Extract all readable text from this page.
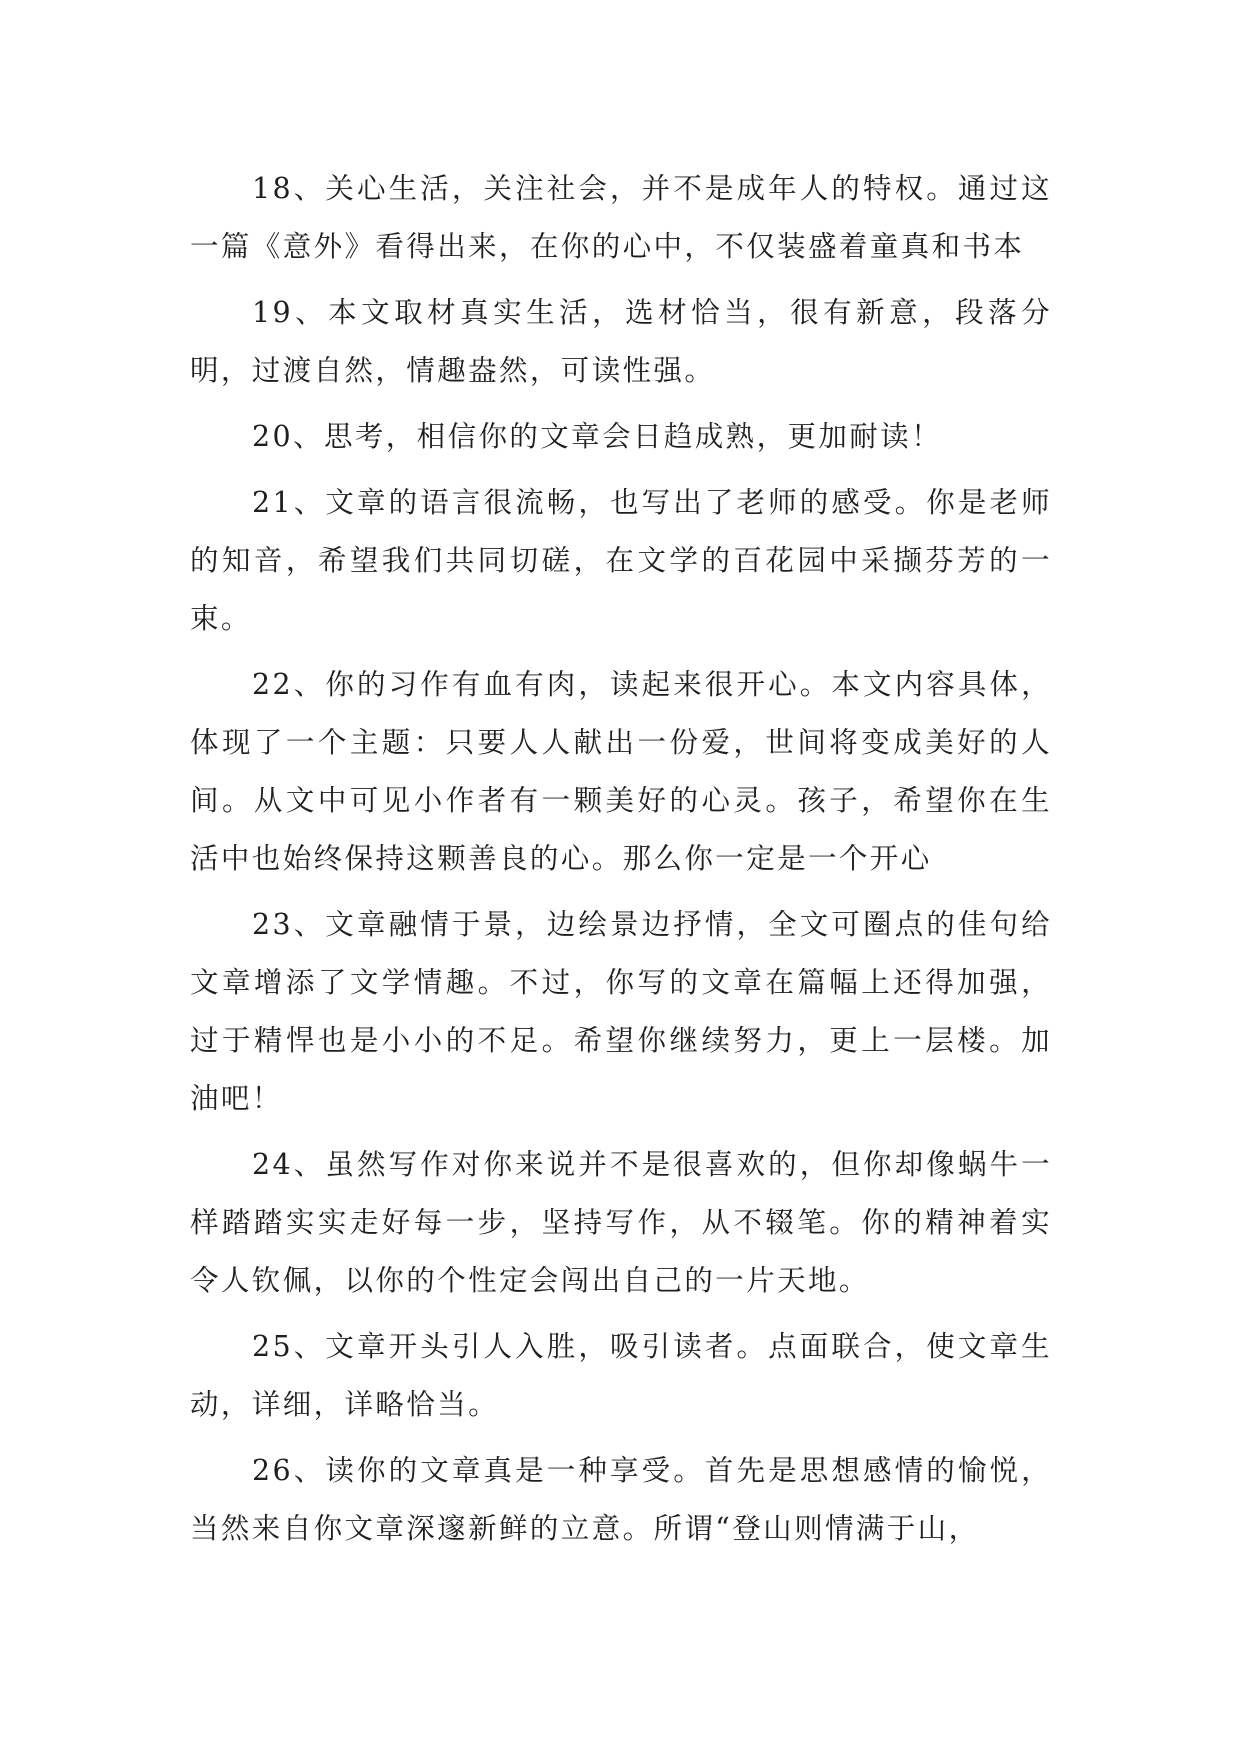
18、关心生活，关注社会，并不是成年人的特权。通过这一篇《意外》看得出来，在你的心中，不仅装盛着童真和书本

19、本文取材真实生活，选材恰当，很有新意，段落分明，过渡自然，情趣盎然，可读性强。

20、思考，相信你的文章会日趋成熟，更加耐读！

21、文章的语言很流畅，也写出了老师的感受。你是老师的知音，希望我们共同切磋，在文学的百花园中采撷芬芳的一束。

22、你的习作有血有肉，读起来很开心。本文内容具体，体现了一个主题：只要人人献出一份爱，世间将变成美好的人间。从文中可见小作者有一颗美好的心灵。孩子，希望你在生活中也始终保持这颗善良的心。那么你一定是一个开心

23、文章融情于景，边绘景边抒情，全文可圈点的佳句给文章增添了文学情趣。不过，你写的文章在篇幅上还得加强，过于精悍也是小小的不足。希望你继续努力，更上一层楼。加油吧！

24、虽然写作对你来说并不是很喜欢的，但你却像蜗牛一样踏踏实实走好每一步，坚持写作，从不辍笔。你的精神着实令人钦佩，以你的个性定会闯出自己的一片天地。

25、文章开头引人入胜，吸引读者。点面联合，使文章生动，详细，详略恰当。

26、读你的文章真是一种享受。首先是思想感情的愉悦，当然来自你文章深邃新鲜的立意。所谓“登山则情满于山，
